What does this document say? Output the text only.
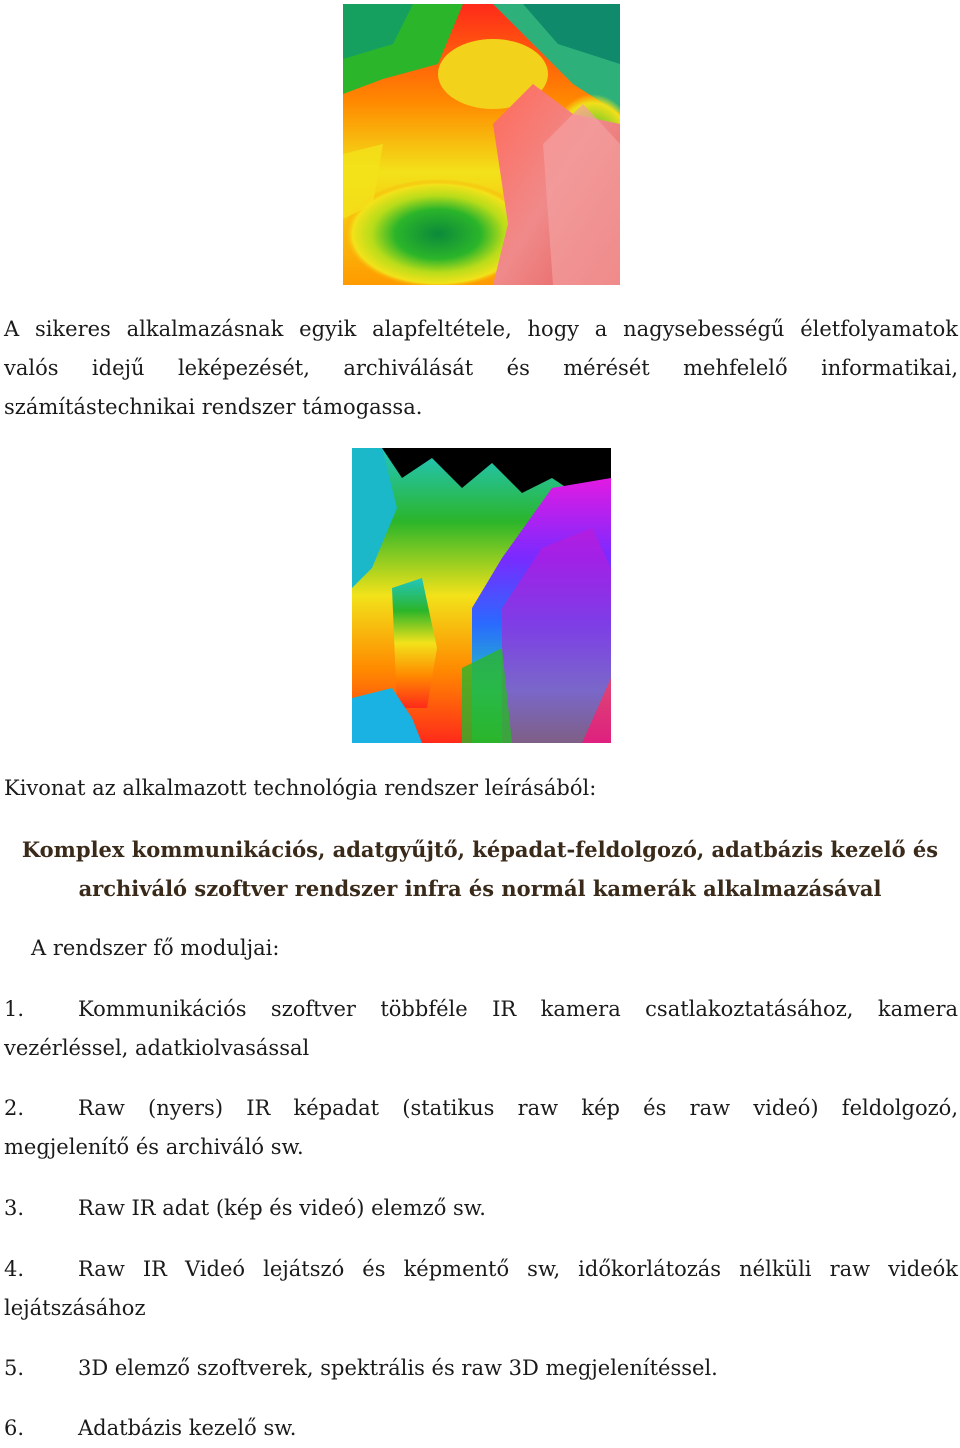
A sikeres alkalmazásnak egyik alapfeltétele, hogy a nagysebességű életfolyamatok
valós idejű leképezését, archiválását és mérését mehfelelő informatikai,
számítástechnikai rendszer támogassa.

Kivonat az alkalmazott technológia rendszer leírásából:

Komplex kommunikációs, adatgyűjtő, képadat-feldolgozó, adatbázis kezelő és
archiváló szoftver rendszer infra és normál kamerák alkalmazásával

A rendszer fő moduljai:

1.	Kommunikációs szoftver többféle IR kamera csatlakoztatásához, kamera
vezérléssel, adatkiolvasással
2.	Raw (nyers) IR képadat (statikus raw kép és raw videó) feldolgozó,
megjelenítő és archiváló sw.
3.	Raw IR adat (kép és videó) elemző sw.
4.	Raw IR Videó lejátszó és képmentő sw, időkorlátozás nélküli raw videók
lejátszásához
5.	3D elemző szoftverek, spektrális és raw 3D megjelenítéssel.
6.	Adatbázis kezelő sw.
